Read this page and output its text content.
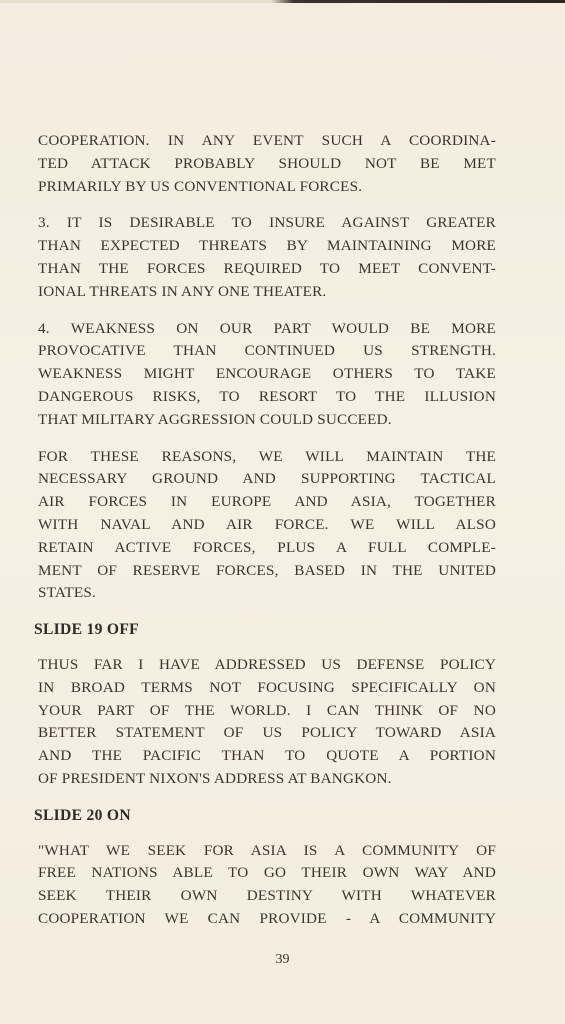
COOPERATION. IN ANY EVENT SUCH A COORDINA-
TED ATTACK PROBABLY SHOULD NOT BE MET
PRIMARILY BY US CONVENTIONAL FORCES.

3. IT IS DESIRABLE TO INSURE AGAINST GREATER
THAN EXPECTED THREATS BY MAINTAINING MORE
THAN THE FORCES REQUIRED TO MEET CONVENT-
IONAL THREATS IN ANY ONE THEATER.

4. WEAKNESS ON OUR PART WOULD BE MORE
PROVOCATIVE THAN CONTINUED US STRENGTH.
WEAKNESS MIGHT ENCOURAGE OTHERS TO TAKE
DANGEROUS RISKS, TO RESORT TO THE ILLUSION
THAT MILITARY AGGRESSION COULD SUCCEED.

FOR THESE REASONS, WE WILL MAINTAIN THE
NECESSARY GROUND AND SUPPORTING TACTICAL
AIR FORCES IN EUROPE AND ASIA, TOGETHER
WITH NAVAL AND AIR FORCE. WE WILL ALSO
RETAIN ACTIVE FORCES, PLUS A FULL COMPLE-
MENT OF RESERVE FORCES, BASED IN THE UNITED
STATES.

SLIDE 19 OFF

THUS FAR I HAVE ADDRESSED US DEFENSE POLICY
IN BROAD TERMS NOT FOCUSING SPECIFICALLY ON
YOUR PART OF THE WORLD. I CAN THINK OF NO
BETTER STATEMENT OF US POLICY TOWARD ASIA
AND THE PACIFIC THAN TO QUOTE A PORTION
OF PRESIDENT NIXON'S ADDRESS AT BANGKON.

SLIDE 20 ON

"WHAT WE SEEK FOR ASIA IS A COMMUNITY OF
FREE NATIONS ABLE TO GO THEIR OWN WAY AND
SEEK THEIR OWN DESTINY WITH WHATEVER
COOPERATION WE CAN PROVIDE - A COMMUNITY

39
